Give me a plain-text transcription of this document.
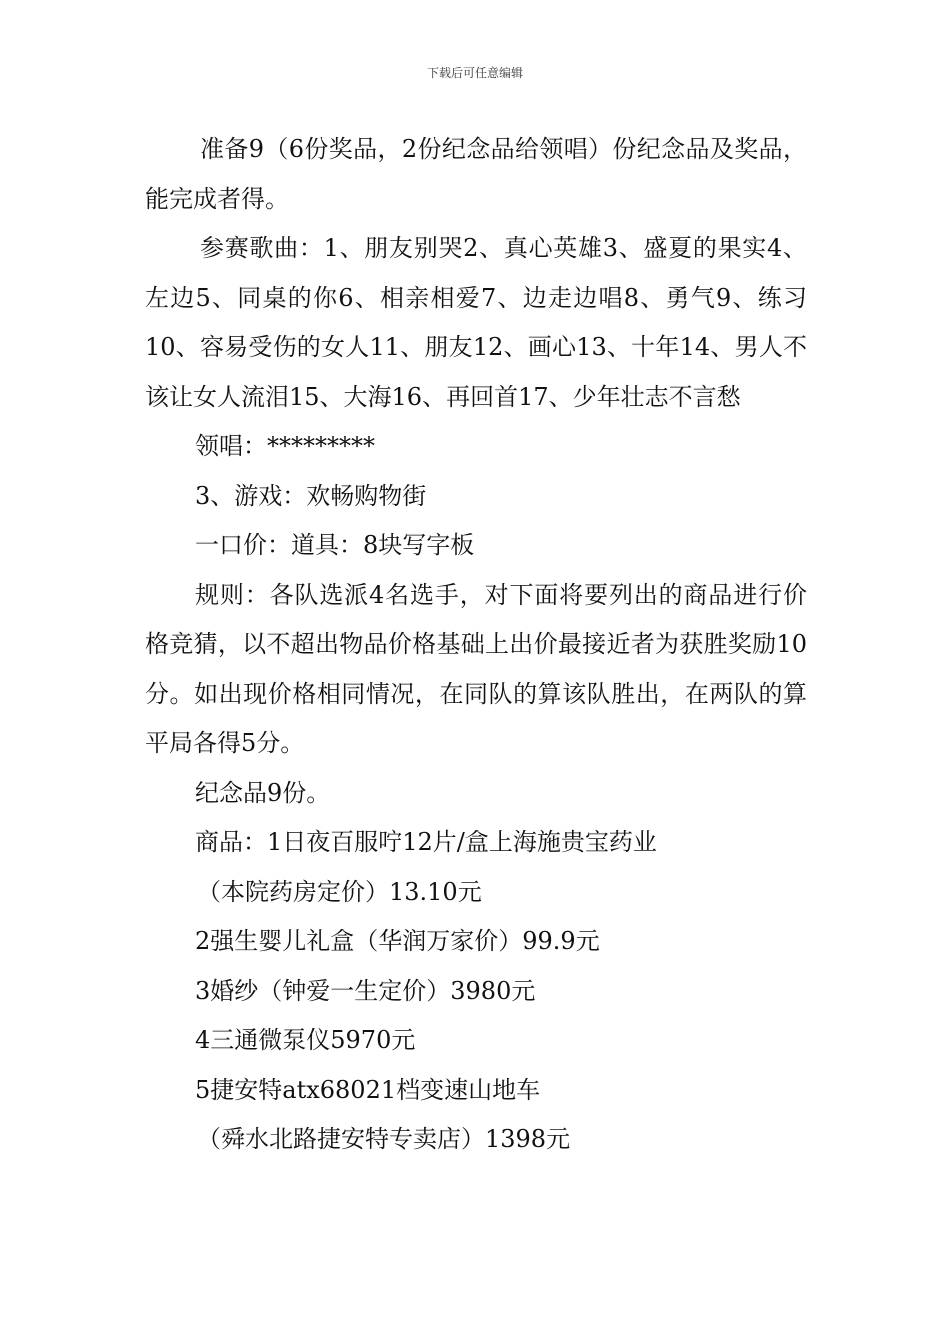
下载后可任意编辑

准备9（6份奖品，2份纪念品给领唱）份纪念品及奖品，能完成者得。

参赛歌曲：1、朋友别哭2、真心英雄3、盛夏的果实4、左边5、同桌的你6、相亲相爱7、边走边唱8、勇气9、练习10、容易受伤的女人11、朋友12、画心13、十年14、男人不该让女人流泪15、大海16、再回首17、少年壮志不言愁

领唱：*********

3、游戏：欢畅购物街

一口价：道具：8块写字板

规则：各队选派4名选手，对下面将要列出的商品进行价格竞猜，以不超出物品价格基础上出价最接近者为获胜奖励10分。如出现价格相同情况，在同队的算该队胜出，在两队的算平局各得5分。

纪念品9份。

商品：1日夜百服咛12片/盒上海施贵宝药业

（本院药房定价）13.10元

2强生婴儿礼盒（华润万家价）99.9元

3婚纱（钟爱一生定价）3980元

4三通微泵仪5970元

5捷安特atx68021档变速山地车

（舜水北路捷安特专卖店）1398元
